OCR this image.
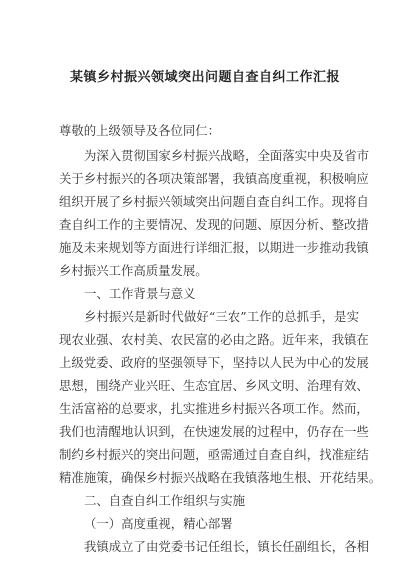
某镇乡村振兴领域突出问题自查自纠工作汇报
尊敬的上级领导及各位同仁：
为深入贯彻国家乡村振兴战略，全面落实中央及省市
关于乡村振兴的各项决策部署，我镇高度重视，积极响应
组织开展了乡村振兴领域突出问题自查自纠工作。现将自
查自纠工作的主要情况、发现的问题、原因分析、整改措
施及未来规划等方面进行详细汇报，以期进一步推动我镇
乡村振兴工作高质量发展。
一、工作背景与意义
乡村振兴是新时代做好“三农”工作的总抓手，是实
现农业强、农村美、农民富的必由之路。近年来，我镇在
上级党委、政府的坚强领导下，坚持以人民为中心的发展
思想，围绕产业兴旺、生态宜居、乡风文明、治理有效、
生活富裕的总要求，扎实推进乡村振兴各项工作。然而，
我们也清醒地认识到，在快速发展的过程中，仍存在一些
制约乡村振兴的突出问题，亟需通过自查自纠，找准症结
精准施策，确保乡村振兴战略在我镇落地生根、开花结果。
二、自查自纠工作组织与实施
（一）高度重视，精心部署
我镇成立了由党委书记任组长，镇长任副组长，各相
